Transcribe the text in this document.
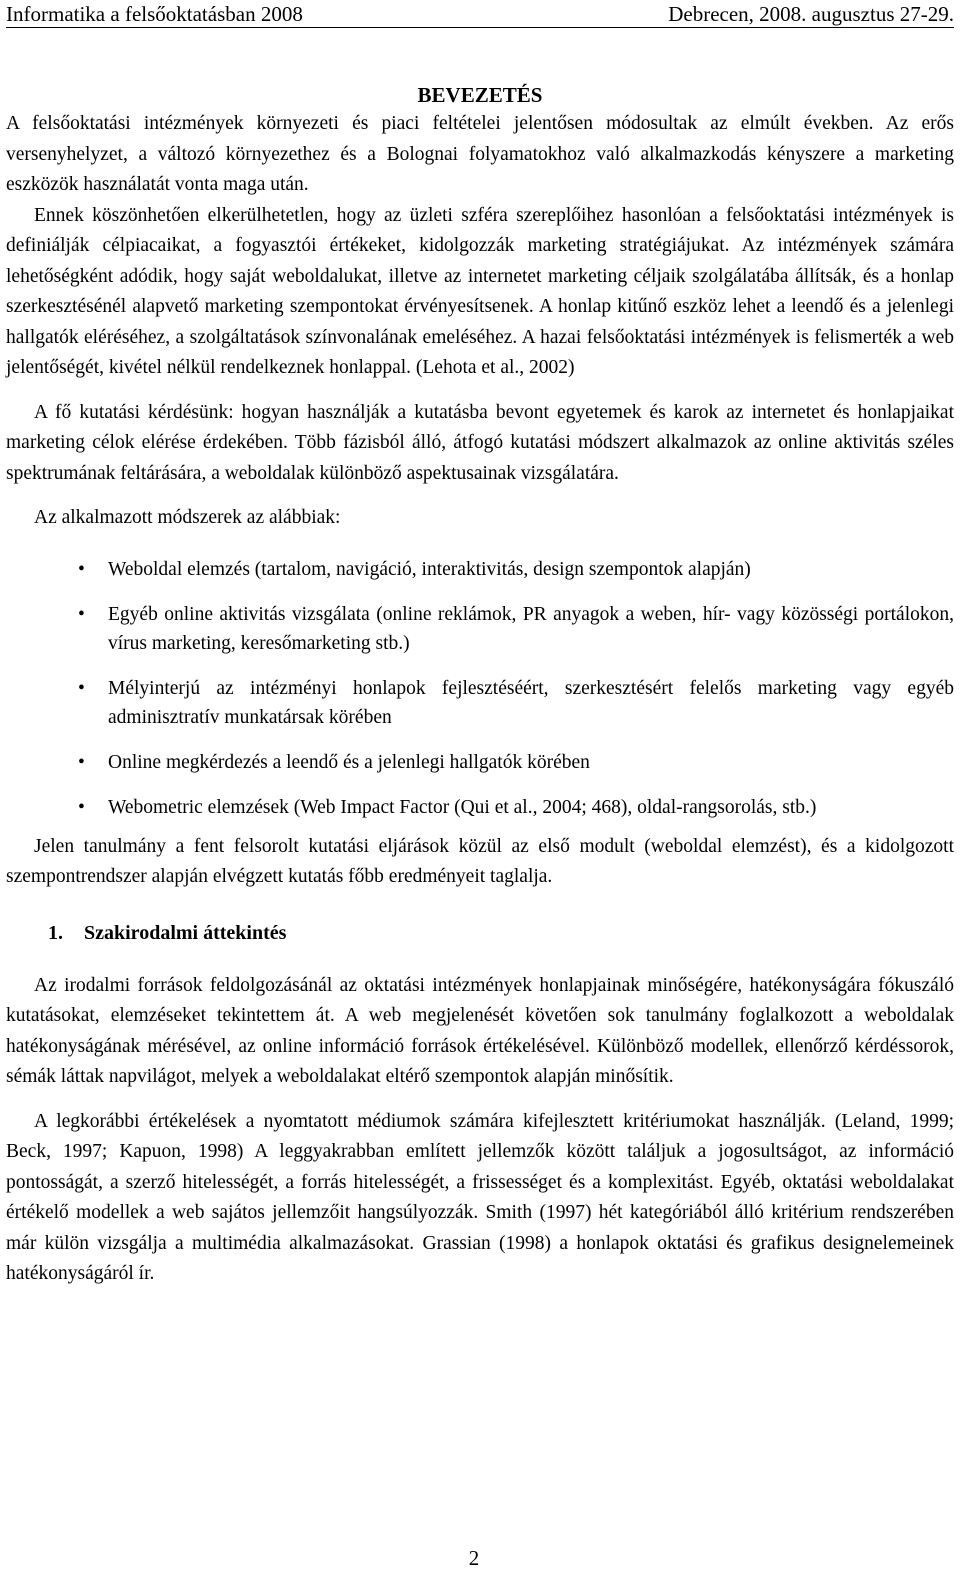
Informatika a felsőoktatásban 2008	Debrecen, 2008. augusztus 27-29.
BEVEZETÉS

A felsőoktatási intézmények környezeti és piaci feltételei jelentősen módosultak az elmúlt években. Az erős versenyhelyzet, a változó környezethez és a Bolognai folyamatokhoz való alkalmazkodás kényszere a marketing eszközök használatát vonta maga után.

Ennek köszönhetően elkerülhetetlen, hogy az üzleti szféra szereplőihez hasonlóan a felsőoktatási intézmények is definiálják célpiacaikat, a fogyasztói értékeket, kidolgozzák marketing stratégiájukat. Az intézmények számára lehetőségként adódik, hogy saját weboldalukat, illetve az internetet marketing céljaik szolgálatába állítsák, és a honlap szerkesztésénél alapvető marketing szempontokat érvényesítsenek. A honlap kitűnő eszköz lehet a leendő és a jelenlegi hallgatók eléréséhez, a szolgáltatások színvonalának emeléséhez. A hazai felsőoktatási intézmények is felismerték a web jelentőségét, kivétel nélkül rendelkeznek honlappal. (Lehota et al., 2002)

A fő kutatási kérdésünk: hogyan használják a kutatásba bevont egyetemek és karok az internetet és honlapjaikat marketing célok elérése érdekében. Több fázisból álló, átfogó kutatási módszert alkalmazok az online aktivitás széles spektrumának feltárására, a weboldalak különböző aspektusainak vizsgálatára.

Az alkalmazott módszerek az alábbiak:

• Weboldal elemzés (tartalom, navigáció, interaktivitás, design szempontok alapján)
• Egyéb online aktivitás vizsgálata (online reklámok, PR anyagok a weben, hír- vagy közösségi portálokon, vírus marketing, keresőmarketing stb.)
• Mélyinterjú az intézményi honlapok fejlesztéséért, szerkesztésért felelős marketing vagy egyéb adminisztratív munkatársak körében
• Online megkérdezés a leendő és a jelenlegi hallgatók körében
• Webometric elemzések (Web Impact Factor (Qui et al., 2004; 468), oldal-rangsorolás, stb.)

Jelen tanulmány a fent felsorolt kutatási eljárások közül az első modult (weboldal elemzést), és a kidolgozott szempontrendszer alapján elvégzett kutatás főbb eredményeit taglalja.

1. Szakirodalmi áttekintés

Az irodalmi források feldolgozásánál az oktatási intézmények honlapjainak minőségére, hatékonyságára fókuszáló kutatásokat, elemzéseket tekintettem át. A web megjelenését követően sok tanulmány foglalkozott a weboldalak hatékonyságának mérésével, az online információ források értékelésével. Különböző modellek, ellenőrző kérdéssorok, sémák láttak napvilágot, melyek a weboldalakat eltérő szempontok alapján minősítik.

A legkorábbi értékelések a nyomtatott médiumok számára kifejlesztett kritériumokat használják. (Leland, 1999; Beck, 1997; Kapuon, 1998) A leggyakrabban említett jellemzők között találjuk a jogosultságot, az információ pontosságát, a szerző hitelességét, a forrás hitelességét, a frissességet és a komplexitást. Egyéb, oktatási weboldalakat értékelő modellek a web sajátos jellemzőit hangsúlyozzák. Smith (1997) hét kategóriából álló kritérium rendszerében már külön vizsgálja a multimédia alkalmazásokat. Grassian (1998) a honlapok oktatási és grafikus designelemeinek hatékonyságáról ír.

2
